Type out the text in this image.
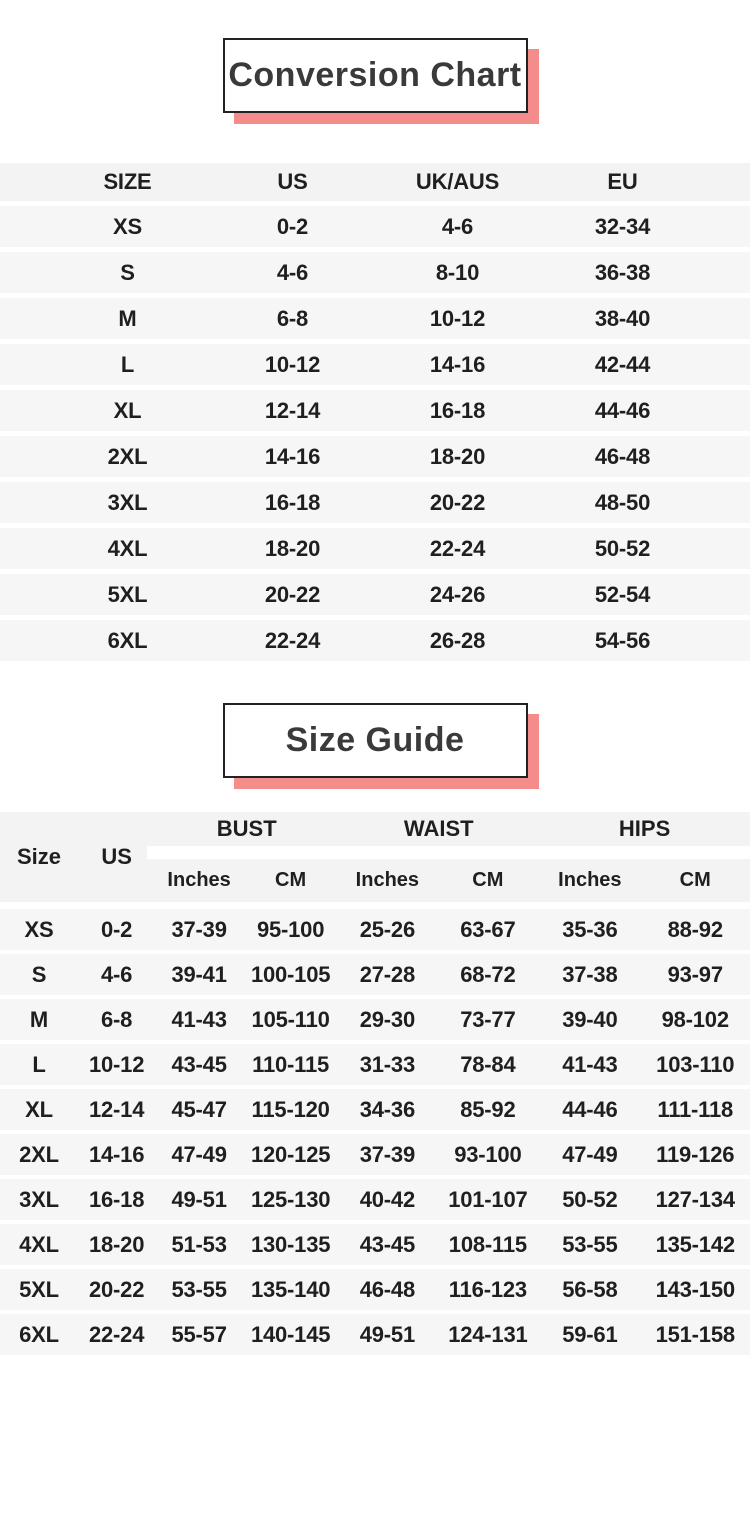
Conversion Chart
SIZE	US	UK/AUS	EU
XS	0-2	4-6	32-34
S	4-6	8-10	36-38
M	6-8	10-12	38-40
L	10-12	14-16	42-44
XL	12-14	16-18	44-46
2XL	14-16	18-20	46-48
3XL	16-18	20-22	48-50
4XL	18-20	22-24	50-52
5XL	20-22	24-26	52-54
6XL	22-24	26-28	54-56
Size Guide
Size	US
BUST	WAIST	HIPS
Inches	CM	Inches	CM	Inches	CM
XS	0-2	37-39	95-100	25-26	63-67	35-36	88-92
S	4-6	39-41	100-105	27-28	68-72	37-38	93-97
M	6-8	41-43	105-110	29-30	73-77	39-40	98-102
L	10-12	43-45	110-115	31-33	78-84	41-43	103-110
XL	12-14	45-47	115-120	34-36	85-92	44-46	111-118
2XL	14-16	47-49	120-125	37-39	93-100	47-49	119-126
3XL	16-18	49-51	125-130	40-42	101-107	50-52	127-134
4XL	18-20	51-53	130-135	43-45	108-115	53-55	135-142
5XL	20-22	53-55	135-140	46-48	116-123	56-58	143-150
6XL	22-24	55-57	140-145	49-51	124-131	59-61	151-158
